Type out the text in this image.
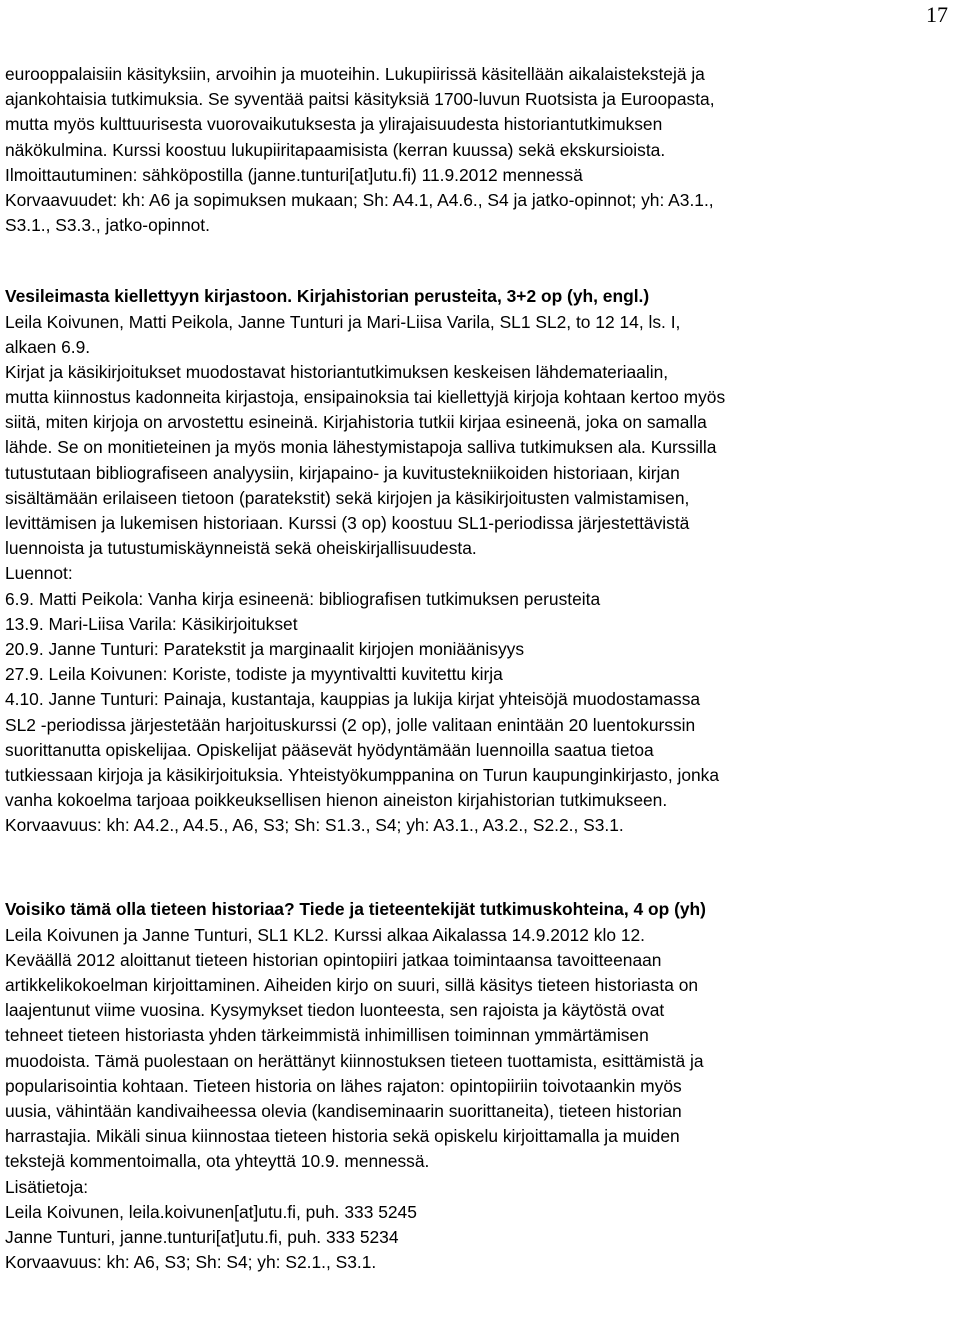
17
eurooppalaisiin käsityksiin, arvoihin ja muoteihin. Lukupiirissä käsitellään aikalaistekstejä ja
ajankohtaisia tutkimuksia. Se syventää paitsi käsityksiä 1700-luvun Ruotsista ja Euroopasta,
mutta myös kulttuurisesta vuorovaikutuksesta ja ylirajaisuudesta historiantutkimuksen
näkökulmina. Kurssi koostuu lukupiiritapaamisista (kerran kuussa) sekä ekskursioista.
Ilmoittautuminen: sähköpostilla (janne.tunturi[at]utu.fi) 11.9.2012 mennessä
Korvaavuudet: kh: A6 ja sopimuksen mukaan; Sh: A4.1, A4.6., S4 ja jatko-opinnot; yh: A3.1.,
S3.1., S3.3., jatko-opinnot.
Vesileimasta kiellettyyn kirjastoon. Kirjahistorian perusteita, 3+2 op (yh, engl.)
Leila Koivunen, Matti Peikola, Janne Tunturi ja Mari-Liisa Varila, SL1 SL2, to 12 14, ls. I,
alkaen 6.9.
Kirjat ja käsikirjoitukset muodostavat historiantutkimuksen keskeisen lähdemateriaalin,
mutta kiinnostus kadonneita kirjastoja, ensipainoksia tai kiellettyjä kirjoja kohtaan kertoo myös
siitä, miten kirjoja on arvostettu esineinä. Kirjahistoria tutkii kirjaa esineenä, joka on samalla
lähde. Se on monitieteinen ja myös monia lähestymistapoja salliva tutkimuksen ala. Kurssilla
tutustutaan bibliografiseen analyysiin, kirjapaino- ja kuvitustekniikoiden historiaan, kirjan
sisältämään erilaiseen tietoon (paratekstit) sekä kirjojen ja käsikirjoitusten valmistamisen,
levittämisen ja lukemisen historiaan. Kurssi (3 op) koostuu SL1-periodissa järjestettävistä
luennoista ja tutustumiskäynneistä sekä oheiskirjallisuudesta.
Luennot:
6.9. Matti Peikola: Vanha kirja esineenä: bibliografisen tutkimuksen perusteita
13.9. Mari-Liisa Varila: Käsikirjoitukset
20.9. Janne Tunturi: Paratekstit ja marginaalit kirjojen moniäänisyys
27.9. Leila Koivunen: Koriste, todiste ja myyntivaltti kuvitettu kirja
4.10. Janne Tunturi: Painaja, kustantaja, kauppias ja lukija kirjat yhteisöjä muodostamassa
SL2 -periodissa järjestetään harjoituskurssi (2 op), jolle valitaan enintään 20 luentokurssin
suorittanutta opiskelijaa. Opiskelijat pääsevät hyödyntämään luennoilla saatua tietoa
tutkiessaan kirjoja ja käsikirjoituksia. Yhteistyökumppanina on Turun kaupunginkirjasto, jonka
vanha kokoelma tarjoaa poikkeuksellisen hienon aineiston kirjahistorian tutkimukseen.
Korvaavuus: kh: A4.2., A4.5., A6, S3; Sh: S1.3., S4; yh: A3.1., A3.2., S2.2., S3.1.
Voisiko tämä olla tieteen historiaa? Tiede ja tieteentekijät tutkimuskohteina, 4 op (yh)
Leila Koivunen ja Janne Tunturi, SL1 KL2. Kurssi alkaa Aikalassa 14.9.2012 klo 12.
Keväällä 2012 aloittanut tieteen historian opintopiiri jatkaa toimintaansa tavoitteenaan
artikkelikokoelman kirjoittaminen. Aiheiden kirjo on suuri, sillä käsitys tieteen historiasta on
laajentunut viime vuosina. Kysymykset tiedon luonteesta, sen rajoista ja käytöstä ovat
tehneet tieteen historiasta yhden tärkeimmistä inhimillisen toiminnan ymmärtämisen
muodoista. Tämä puolestaan on herättänyt kiinnostuksen tieteen tuottamista, esittämistä ja
popularisointia kohtaan. Tieteen historia on lähes rajaton: opintopiiriin toivotaankin myös
uusia, vähintään kandivaiheessa olevia (kandiseminaarin suorittaneita), tieteen historian
harrastajia. Mikäli sinua kiinnostaa tieteen historia sekä opiskelu kirjoittamalla ja muiden
tekstejä kommentoimalla, ota yhteyttä 10.9. mennessä.
Lisätietoja:
Leila Koivunen, leila.koivunen[at]utu.fi, puh. 333 5245
Janne Tunturi, janne.tunturi[at]utu.fi, puh. 333 5234
Korvaavuus: kh: A6, S3; Sh: S4; yh: S2.1., S3.1.
